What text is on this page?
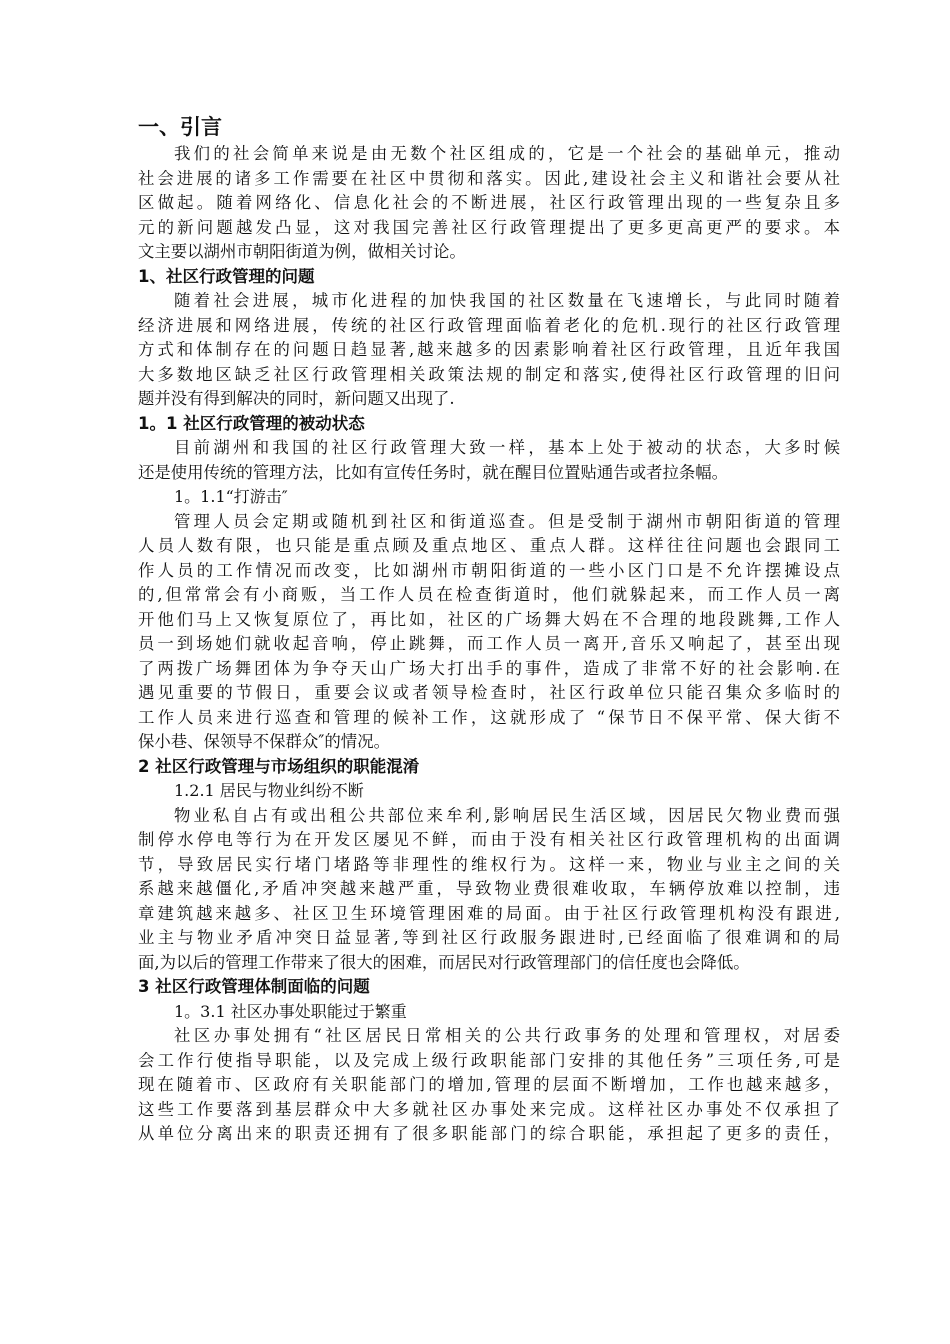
一、引言
我们的社会简单来说是由无数个社区组成的，它是一个社会的基础单元，推动
社会进展的诸多工作需要在社区中贯彻和落实。因此,建设社会主义和谐社会要从社
区做起。随着网络化、信息化社会的不断进展，社区行政管理出现的一些复杂且多
元的新问题越发凸显，这对我国完善社区行政管理提出了更多更高更严的要求。本
文主要以湖州市朝阳街道为例，做相关讨论。
1、社区行政管理的问题
随着社会进展，城市化进程的加快我国的社区数量在飞速增长，与此同时随着
经济进展和网络进展，传统的社区行政管理面临着老化的危机.现行的社区行政管理
方式和体制存在的问题日趋显著,越来越多的因素影响着社区行政管理，且近年我国
大多数地区缺乏社区行政管理相关政策法规的制定和落实,使得社区行政管理的旧问
题并没有得到解决的同时，新问题又出现了.
1。1 社区行政管理的被动状态
目前湖州和我国的社区行政管理大致一样，基本上处于被动的状态，大多时候
还是使用传统的管理方法，比如有宣传任务时，就在醒目位置贴通告或者拉条幅。
1。1.1“打游击″
管理人员会定期或随机到社区和街道巡查。但是受制于湖州市朝阳街道的管理
人员人数有限，也只能是重点顾及重点地区、重点人群。这样往往问题也会跟同工
作人员的工作情况而改变，比如湖州市朝阳街道的一些小区门口是不允许摆摊设点
的,但常常会有小商贩，当工作人员在检查街道时，他们就躲起来，而工作人员一离
开他们马上又恢复原位了，再比如，社区的广场舞大妈在不合理的地段跳舞,工作人
员一到场她们就收起音响，停止跳舞，而工作人员一离开,音乐又响起了，甚至出现
了两拨广场舞团体为争夺天山广场大打出手的事件，造成了非常不好的社会影响.在
遇见重要的节假日，重要会议或者领导检查时，社区行政单位只能召集众多临时的
工作人员来进行巡查和管理的候补工作，这就形成了 “保节日不保平常、保大街不
保小巷、保领导不保群众″的情况。
2 社区行政管理与市场组织的职能混淆
1.2.1 居民与物业纠纷不断
物业私自占有或出租公共部位来牟利,影响居民生活区域，因居民欠物业费而强
制停水停电等行为在开发区屡见不鲜，而由于没有相关社区行政管理机构的出面调
节，导致居民实行堵门堵路等非理性的维权行为。这样一来，物业与业主之间的关
系越来越僵化,矛盾冲突越来越严重，导致物业费很难收取，车辆停放难以控制，违
章建筑越来越多、社区卫生环境管理困难的局面。由于社区行政管理机构没有跟进,
业主与物业矛盾冲突日益显著,等到社区行政服务跟进时,已经面临了很难调和的局
面,为以后的管理工作带来了很大的困难，而居民对行政管理部门的信任度也会降低。
3 社区行政管理体制面临的问题
1。3.1 社区办事处职能过于繁重
社区办事处拥有“社区居民日常相关的公共行政事务的处理和管理权，对居委
会工作行使指导职能，以及完成上级行政职能部门安排的其他任务”三项任务,可是
现在随着市、区政府有关职能部门的增加,管理的层面不断增加，工作也越来越多，
这些工作要落到基层群众中大多就社区办事处来完成。这样社区办事处不仅承担了
从单位分离出来的职责还拥有了很多职能部门的综合职能，承担起了更多的责任，
